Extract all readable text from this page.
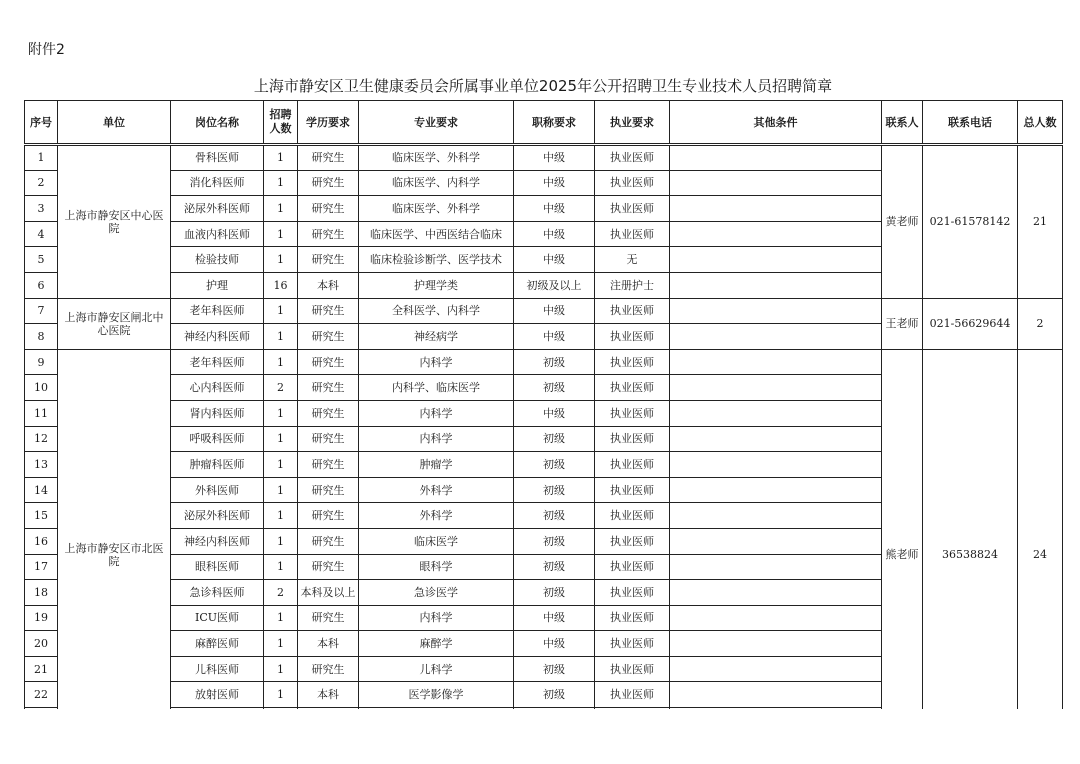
附件2
上海市静安区卫生健康委员会所属事业单位2025年公开招聘卫生专业技术人员招聘简章
序号	单位	岗位名称	招聘人数	学历要求	专业要求	职称要求	执业要求	其他条件	联系人	联系电话	总人数
1	上海市静安区中心医院	骨科医师	1	研究生	临床医学、外科学	中级	执业医师		黄老师	021-61578142	21
2		消化科医师	1	研究生	临床医学、内科学	中级	执业医师				
3		泌尿外科医师	1	研究生	临床医学、外科学	中级	执业医师				
4		血液内科医师	1	研究生	临床医学、中西医结合临床	中级	执业医师				
5		检验技师	1	研究生	临床检验诊断学、医学技术	中级	无				
6		护理	16	本科	护理学类	初级及以上	注册护士				
7	上海市静安区闸北中心医院	老年科医师	1	研究生	全科医学、内科学	中级	执业医师		王老师	021-56629644	2
8		神经内科医师	1	研究生	神经病学	中级	执业医师				
9	上海市静安区市北医院	老年科医师	1	研究生	内科学	初级	执业医师		熊老师	36538824	24
10		心内科医师	2	研究生	内科学、临床医学	初级	执业医师				
11		肾内科医师	1	研究生	内科学	中级	执业医师				
12		呼吸科医师	1	研究生	内科学	初级	执业医师				
13		肿瘤科医师	1	研究生	肿瘤学	初级	执业医师				
14		外科医师	1	研究生	外科学	初级	执业医师				
15		泌尿外科医师	1	研究生	外科学	初级	执业医师				
16		神经内科医师	1	研究生	临床医学	初级	执业医师				
17		眼科医师	1	研究生	眼科学	初级	执业医师				
18		急诊科医师	2	本科及以上	急诊医学	初级	执业医师				
19		ICU医师	1	研究生	内科学	中级	执业医师				
20		麻醉医师	1	本科	麻醉学	中级	执业医师				
21		儿科医师	1	研究生	儿科学	初级	执业医师				
22		放射医师	1	本科	医学影像学	初级	执业医师				
